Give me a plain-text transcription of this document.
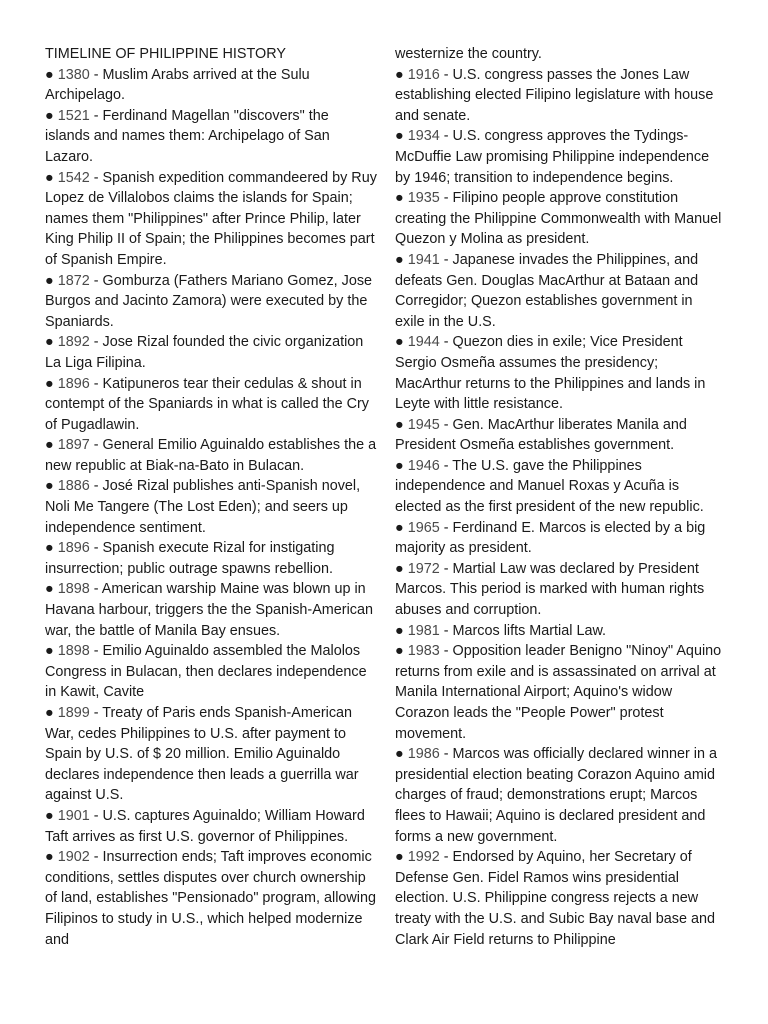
TIMELINE OF PHILIPPINE HISTORY
● 1380 - Muslim Arabs arrived at the Sulu Archipelago.
● 1521 - Ferdinand Magellan "discovers" the islands and names them: Archipelago of San Lazaro.
● 1542 - Spanish expedition commandeered by Ruy Lopez de Villalobos claims the islands for Spain; names them "Philippines" after Prince Philip, later King Philip II of Spain; the Philippines becomes part of Spanish Empire.
● 1872 - Gomburza (Fathers Mariano Gomez, Jose Burgos and Jacinto Zamora) were executed by the Spaniards.
● 1892 - Jose Rizal founded the civic organization La Liga Filipina.
● 1896 - Katipuneros tear their cedulas & shout in contempt of the Spaniards in what is called the Cry of Pugadlawin.
● 1897 - General Emilio Aguinaldo establishes the a new republic at Biak-na-Bato in Bulacan.
● 1886 - José Rizal publishes anti-Spanish novel, Noli Me Tangere (The Lost Eden); and seers up independence sentiment.
● 1896 - Spanish execute Rizal for instigating insurrection; public outrage spawns rebellion.
● 1898 - American warship Maine was blown up in Havana harbour, triggers the the Spanish-American war, the battle of Manila Bay ensues.
● 1898 - Emilio Aguinaldo assembled the Malolos Congress in Bulacan, then declares independence in Kawit, Cavite
● 1899 - Treaty of Paris ends Spanish-American War, cedes Philippines to U.S. after payment to Spain by U.S. of $ 20 million. Emilio Aguinaldo declares independence then leads a guerrilla war against U.S.
● 1901 - U.S. captures Aguinaldo; William Howard Taft arrives as first U.S. governor of Philippines.
● 1902 - Insurrection ends; Taft improves economic conditions, settles disputes over church ownership of land, establishes "Pensionado" program, allowing Filipinos to study in U.S., which helped modernize and
westernize the country.
● 1916 - U.S. congress passes the Jones Law establishing elected Filipino legislature with house and senate.
● 1934 - U.S. congress approves the Tydings-McDuffie Law promising Philippine independence by 1946; transition to independence begins.
● 1935 - Filipino people approve constitution creating the Philippine Commonwealth with Manuel Quezon y Molina as president.
● 1941 - Japanese invades the Philippines, and defeats Gen. Douglas MacArthur at Bataan and Corregidor; Quezon establishes government in exile in the U.S.
● 1944 - Quezon dies in exile; Vice President Sergio Osmeña assumes the presidency; MacArthur returns to the Philippines and lands in Leyte with little resistance.
● 1945 - Gen. MacArthur liberates Manila and President Osmeña establishes government.
● 1946 - The U.S. gave the Philippines independence and Manuel Roxas y Acuña is elected as the first president of the new republic.
● 1965 - Ferdinand E. Marcos is elected by a big majority as president.
● 1972 - Martial Law was declared by President Marcos. This period is marked with human rights abuses and corruption.
● 1981 - Marcos lifts Martial Law.
● 1983 - Opposition leader Benigno "Ninoy" Aquino returns from exile and is assassinated on arrival at Manila International Airport; Aquino's widow Corazon leads the "People Power" protest movement.
● 1986 - Marcos was officially declared winner in a presidential election beating Corazon Aquino amid charges of fraud; demonstrations erupt; Marcos flees to Hawaii; Aquino is declared president and forms a new government.
● 1992 - Endorsed by Aquino, her Secretary of Defense Gen. Fidel Ramos wins presidential election. U.S. Philippine congress rejects a new treaty with the U.S. and Subic Bay naval base and Clark Air Field returns to Philippine
